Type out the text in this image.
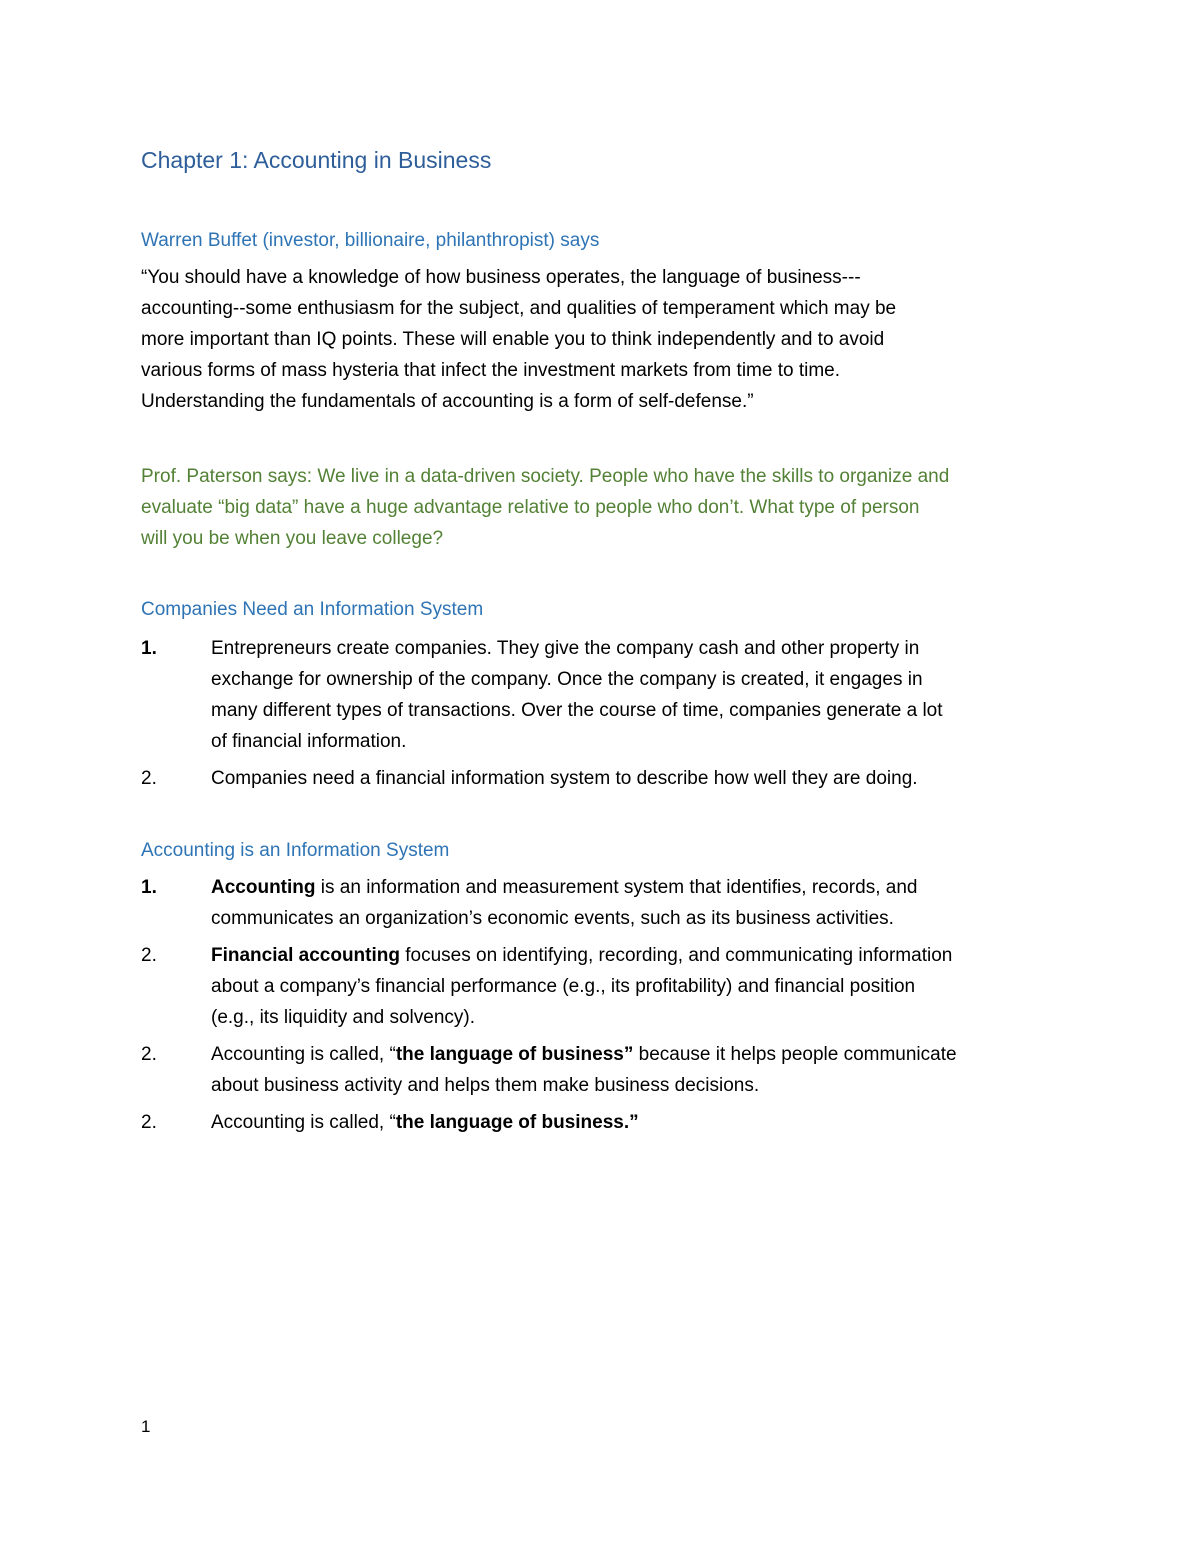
Chapter 1: Accounting in Business
Warren Buffet (investor, billionaire, philanthropist) says

“You should have a knowledge of how business operates, the language of business---
accounting--some enthusiasm for the subject, and qualities of temperament which may be
more important than IQ points. These will enable you to think independently and to avoid
various forms of mass hysteria that infect the investment markets from time to time.
Understanding the fundamentals of accounting is a form of self-defense.”

Prof. Paterson says: We live in a data-driven society. People who have the skills to organize and
evaluate “big data” have a huge advantage relative to people who don’t. What type of person
will you be when you leave college?

Companies Need an Information System
1.	Entrepreneurs create companies. They give the company cash and other property in
exchange for ownership of the company. Once the company is created, it engages in
many different types of transactions. Over the course of time, companies generate a lot
of financial information.
2.	Companies need a financial information system to describe how well they are doing.
Accounting is an Information System
1.	Accounting is an information and measurement system that identifies, records, and
communicates an organization’s economic events, such as its business activities.
2.	Financial accounting focuses on identifying, recording, and communicating information
about a company’s financial performance (e.g., its profitability) and financial position
(e.g., its liquidity and solvency).
2.	Accounting is called, “the language of business” because it helps people communicate
about business activity and helps them make business decisions.
2.	Accounting is called, “the language of business.”
1
